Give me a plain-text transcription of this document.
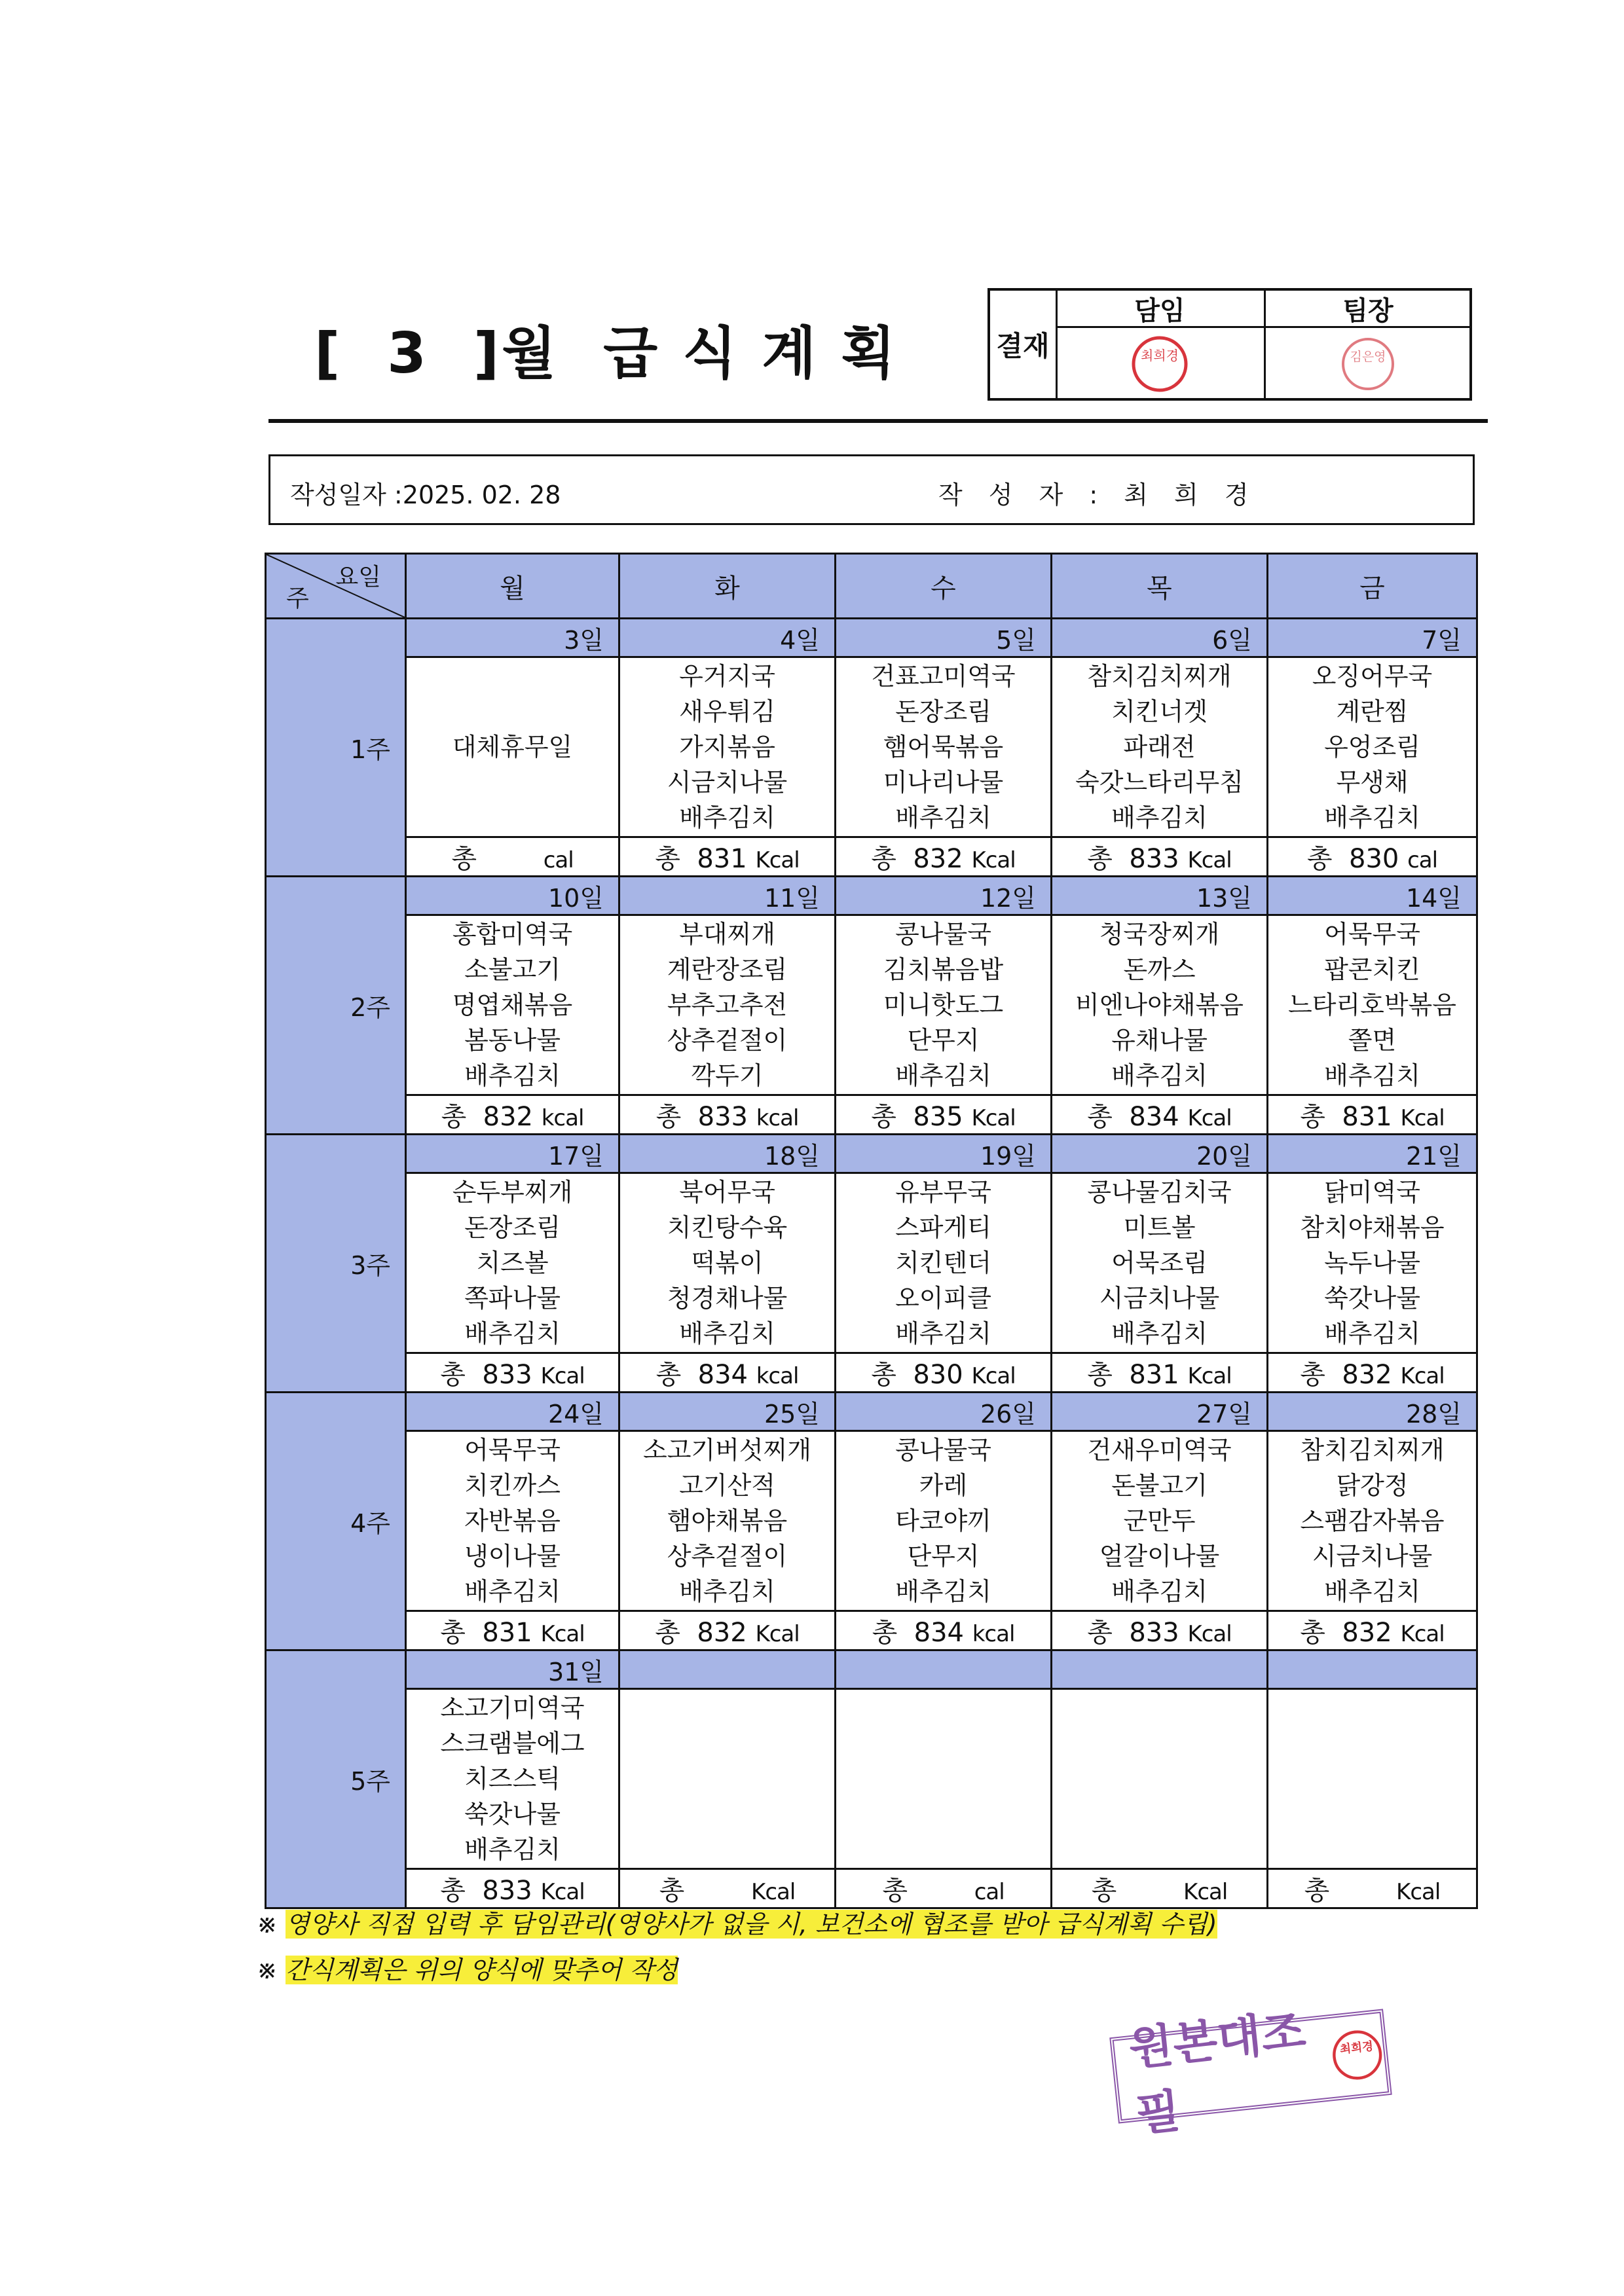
[  3  ]월  급 식 계 획	결재
담임
최희경
팀장
김은영
작성일자 :2025. 02. 28	작 성 자 : 최 희 경
요일
주	월	화	수	목	금
1주	3일	4일	5일	6일	7일

	대체휴무일	우거지국
새우튀김
가지볶음
시금치나물
배추김치	건표고미역국
돈장조림
햄어묵볶음
미나리나물
배추김치	참치김치찌개
치킨너겟
파래전
숙갓느타리무침
배추김치	오징어무국
계란찜
우엉조림
무생채
배추김치

	총 cal	총 831 Kcal	총 832 Kcal	총 833 Kcal	총 830 cal
2주	10일	11일	12일	13일	14일

	홍합미역국
소불고기
명엽채볶음
봄동나물
배추김치	부대찌개
계란장조림
부추고추전
상추겉절이
깍두기	콩나물국
김치볶음밥
미니핫도그
단무지
배추김치	청국장찌개
돈까스
비엔나야채볶음
유채나물
배추김치	어묵무국
팝콘치킨
느타리호박볶음
쫄면
배추김치

	총 832 kcal	총 833 kcal	총 835 Kcal	총 834 Kcal	총 831 Kcal
3주	17일	18일	19일	20일	21일

	순두부찌개
돈장조림
치즈볼
쪽파나물
배추김치	북어무국
치킨탕수육
떡볶이
청경채나물
배추김치	유부무국
스파게티
치킨텐더
오이피클
배추김치	콩나물김치국
미트볼
어묵조림
시금치나물
배추김치	닭미역국
참치야채볶음
녹두나물
쑥갓나물
배추김치

	총 833 Kcal	총 834 kcal	총 830 Kcal	총 831 Kcal	총 832 Kcal
4주	24일	25일	26일	27일	28일

	어묵무국
치킨까스
자반볶음
냉이나물
배추김치	소고기버섯찌개
고기산적
햄야채볶음
상추겉절이
배추김치	콩나물국
카레
타코야끼
단무지
배추김치	건새우미역국
돈불고기
군만두
얼갈이나물
배추김치	참치김치찌개
닭강정
스팸감자볶음
시금치나물
배추김치

	총 831 Kcal	총 832 Kcal	총 834 kcal	총 833 Kcal	총 832 Kcal
5주	31일				

	소고기미역국
스크램블에그
치즈스틱
쑥갓나물
배추김치				

	총 833 Kcal	총 Kcal	총 cal	총 Kcal	총 Kcal
※ 영양사 직접 입력 후 담임관리(영양사가 없을 시, 보건소에 협조를 받아 급식계획 수립)
※ 간식계획은 위의 양식에 맞추어 작성
원본대조필
최희경
